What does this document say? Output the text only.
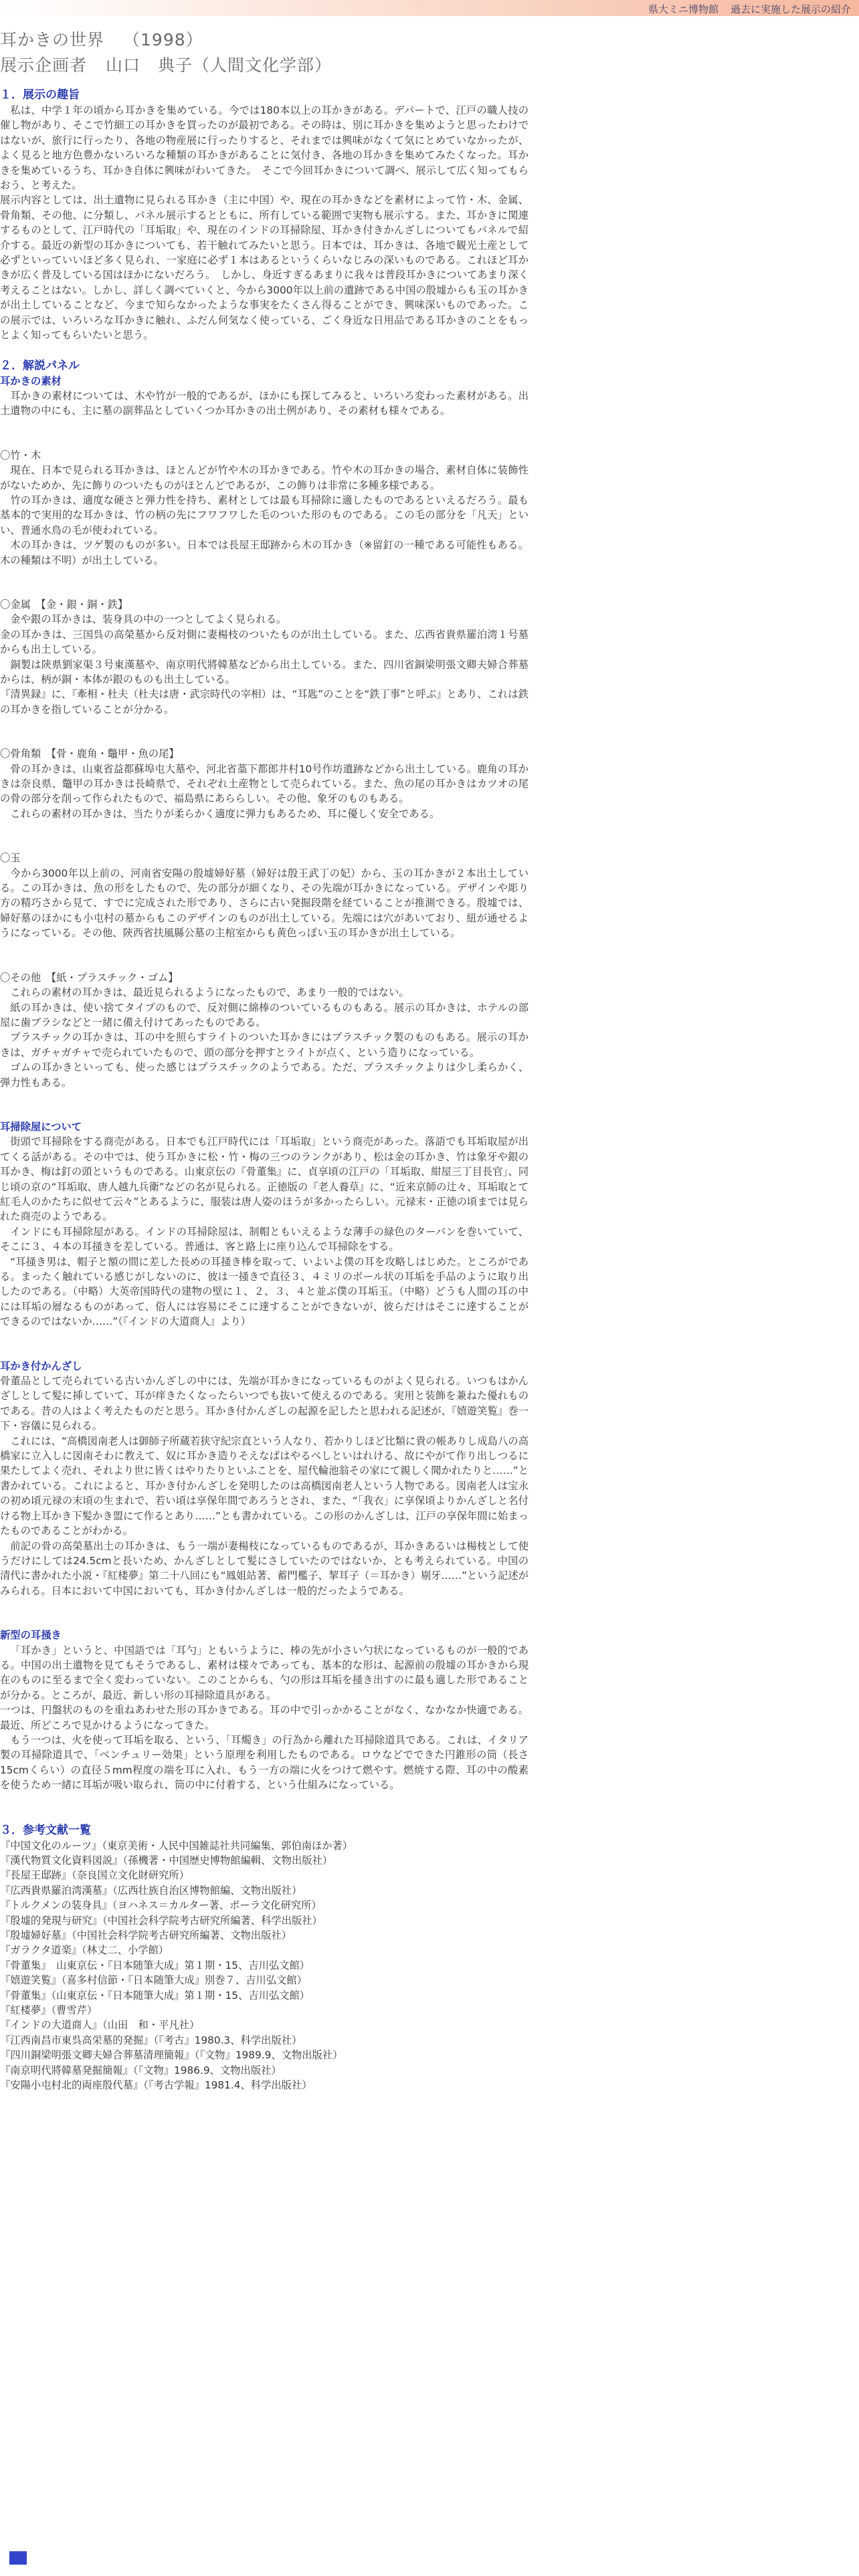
県大ミニ博物館 過去に実施した展示の紹介
耳かきの世界 （1998）
展示企画者 山口　典子（人間文化学部）
１．展示の趣旨

私は、中学１年の頃から耳かきを集めている。今では180本以上の耳かきがある。デパートで、江戸の職人技の催し物があり、そこで竹細工の耳かきを買ったのが最初である。その時は、別に耳かきを集めようと思ったわけではないが、旅行に行ったり、各地の物産展に行ったりすると、それまでは興味がなくて気にとめていなかったが、よく見ると地方色豊かないろいろな種類の耳かきがあることに気付き、各地の耳かきを集めてみたくなった。耳かきを集めているうち、耳かき自体に興味がわいてきた。　そこで今回耳かきについて調べ、展示して広く知ってもらおう、と考えた。

展示内容としては、出土遺物に見られる耳かき（主に中国）や、現在の耳かきなどを素材によって竹・木、金属、骨角類、その他、に分類し、パネル展示するとともに、所有している範囲で実物も展示する。また、耳かきに関連するものとして、江戸時代の「耳垢取」や、現在のインドの耳掃除屋、耳かき付きかんざしについてもパネルで紹介する。最近の新型の耳かきについても、若干触れてみたいと思う。日本では、耳かきは、各地で観光土産として必ずといっていいほど多く見られ、一家庭に必ず１本はあるというくらいなじみの深いものである。これほど耳かきが広く普及している国はほかにないだろう。　しかし、身近すぎるあまりに我々は普段耳かきについてあまり深く考えることはない。しかし、詳しく調べていくと、今から3000年以上前の遺跡である中国の殷墟からも玉の耳かきが出土していることなど、今まで知らなかったような事実をたくさん得ることができ、興味深いものであった。この展示では、いろいろな耳かきに触れ、ふだん何気なく使っている、ごく身近な日用品である耳かきのことをもっとよく知ってもらいたいと思う。

２．解説パネル
耳かきの素材

耳かきの素材については、木や竹が一般的であるが、ほかにも探してみると、いろいろ変わった素材がある。出土遺物の中にも、主に墓の副葬品としていくつか耳かきの出土例があり、その素材も様々である。

〇竹・木

現在、日本で見られる耳かきは、ほとんどが竹や木の耳かきである。竹や木の耳かきの場合、素材自体に装飾性がないためか、先に飾りのついたものがほとんどであるが、この飾りは非常に多種多様である。

竹の耳かきは、適度な硬さと弾力性を持ち、素材としては最も耳掃除に適したものであるといえるだろう。最も基本的で実用的な耳かきは、竹の柄の先にフワフワした毛のついた形のものである。この毛の部分を「凡天」といい、普通水鳥の毛が使われている。

木の耳かきは、ツゲ製のものが多い。日本では長屋王邸跡から木の耳かき（※留釘の一種である可能性もある。木の種類は不明）が出土している。

〇金属　【金・銀・銅・鉄】

金や銀の耳かきは、装身具の中の一つとしてよく見られる。

金の耳かきは、三国呉の高榮墓から反対側に妻楊枝のついたものが出土している。また、広西省貴県羅泊湾１号墓からも出土している。

銅製は陝県劉家渠３号東漢墓や、南京明代將韓墓などから出土している。また、四川省銅梁明張文卿夫婦合葬墓からは、柄が銅・本体が銀のものも出土している。

『清異録』に、『牽相・杜夫（杜夫は唐・武宗時代の宰相）は、“耳匙”のことを“鉄丁事”と呼ぶ』とあり、これは鉄の耳かきを指していることが分かる。

〇骨角類　【骨・鹿角・鼈甲・魚の尾】

骨の耳かきは、山東省益都蘇埠屯大墓や、河北省藁下都郎井村10号作坊遺跡などから出土している。鹿角の耳かきは奈良県、鼈甲の耳かきは長崎県で、それぞれ土産物として売られている。また、魚の尾の耳かきはカツオの尾の骨の部分を削って作られたもので、福島県にあららしい。その他、象牙のものもある。

これらの素材の耳かきは、当たりが柔らかく適度に弾力もあるため、耳に優しく安全である。

〇玉

今から3000年以上前の、河南省安陽の殷墟婦好墓（婦好は殷王武丁の妃）から、玉の耳かきが２本出土している。この耳かきは、魚の形をしたもので、先の部分が細くなり、その先端が耳かきになっている。デザインや彫り方の精巧さから見て、すでに完成された形であり、さらに古い発掘段階を経ていることが推測できる。殷墟では、婦好墓のほかにも小屯村の墓からもこのデザインのものが出土している。先端には穴があいており、紐が通せるようになっている。その他、陝西省扶風縣公墓の主棺室からも黄色っぽい玉の耳かきが出土している。

〇その他　【紙・プラスチック・ゴム】

これらの素材の耳かきは、最近見られるようになったもので、あまり一般的ではない。

紙の耳かきは、使い捨てタイプのもので、反対側に綿棒のついているものもある。展示の耳かきは、ホテルの部屋に歯ブラシなどと一緒に備え付けてあったものである。

プラスチックの耳かきは、耳の中を照らすライトのついた耳かきにはプラスチック製のものもある。展示の耳かきは、ガチャガチャで売られていたもので、頭の部分を押すとライトが点く、という造りになっている。

ゴムの耳かきといっても、使った感じはプラスチックのようである。ただ、プラスチックよりは少し柔らかく、弾力性もある。

耳掃除屋について

街頭で耳掃除をする商売がある。日本でも江戸時代には「耳垢取」という商売があった。落語でも耳垢取屋が出てくる話がある。その中では、使う耳かきに松・竹・梅の三つのランクがあり、松は金の耳かき、竹は象牙や銀の耳かき、梅は釘の頭というものである。山東京伝の『骨董集』に、貞享頃の江戸の「耳垢取、紺屋三丁目長官」、同じ頃の京の“耳垢取、唐人越九兵衛”などの名が見られる。正徳版の『老人養草』に、“近来京師の辻々、耳垢取とて紅毛人のかたちに似せて云々”とあるように、服装は唐人姿のほうが多かったらしい。元禄末・正徳の頃までは見られた商売のようである。

インドにも耳掃除屋がある。インドの耳掃除屋は、制帽ともいえるような薄手の緑色のターバンを巻いていて、そこに３、４本の耳掻きを差している。普通は、客と路上に座り込んで耳掃除をする。

“耳掻き男は、帽子と額の間に差した長めの耳掻き棒を取って、いよいよ僕の耳を攻略しはじめた。ところがである。まったく触れている感じがしないのに、彼は一掻きで直径３、４ミリのボール状の耳垢を手品のように取り出したのである。（中略）大英帝国時代の建物の壁に１、２、３、４と並ぶ僕の耳垢玉。（中略）どうも人間の耳の中には耳垢の層なるものがあって、俗人には容易にそこに達することができないが、彼らだけはそこに達することができるのではないか……”（『インドの大道商人』より）

耳かき付かんざし

骨董品として売られている古いかんざしの中には、先端が耳かきになっているものがよく見られる。いつもはかんざしとして髪に挿していて、耳が痒きたくなったらいつでも抜いて使えるのである。実用と装飾を兼ねた優れものである。昔の人はよく考えたものだと思う。耳かき付かんざしの起源を記したと思われる記述が、『嬉遊笑覧』巻一下・容儀に見られる。

これには、“高橋図南老人は御師子所蔵若狭守紀宗直という人なり、若かりしほど比類に貴の帳ありし成島八の高橋家に立入しに図南そわに教えて、奴に耳かき造りそえなばはやるべしといはれける、故にやがて作り出しつるに果たしてよく売れ、それより世に皆くはやりたりといふことを、屋代輪池翁その家にて親しく聞かれたりと……”と書かれている。これによると、耳かき付かんざしを発明したのは高橋図南老人という人物である。図南老人は宝永の初め頃元禄の末頃の生まれで、若い頃は享保年間であろうとされ、また、“「我衣」に享保頃よりかんざしと名付ける物上耳かき下髪かき盟にて作るとあり……”とも書かれている。この形のかんざしは、江戸の享保年間に始まったものであることがわかる。

前記の骨の高榮墓出土の耳かきは、もう一端が妻楊枝になっているものであるが、耳かきあるいは楊枝として使うだけにしては24.5cmと長いため、かんざしとして髪にさしていたのではないか、とも考えられている。中国の清代に書かれた小説・『紅楼夢』第二十八回にも“鳳姐站著、蓄門檻子、挈耳子（＝耳かき）剔牙……”という記述がみられる。日本において中国においても、耳かき付かんざしは一般的だったようである。

新型の耳掻き

「耳かき」というと、中国語では「耳勺」ともいうように、棒の先が小さい勺状になっているものが一般的である。中国の出土遺物を見てもそうであるし、素材は様々であっても、基本的な形は、起源前の殷墟の耳かきから現在のものに至るまで全く変わっていない。このことからも、勺の形は耳垢を掻き出すのに最も適した形であることが分かる。ところが、最近、新しい形の耳掃除道具がある。

一つは、円盤状のものを重ねあわせた形の耳かきである。耳の中で引っかかることがなく、なかなか快適である。最近、所どころで見かけるようになってきた。

もう一つは、火を使って耳垢を取る、という、「耳燭き」の行為から離れた耳掃除道具である。これは、イタリア製の耳掃除道具で、「ベンチュリー効果」という原理を利用したものである。ロウなどでできた円錐形の筒（長さ15cmくらい）の直径５mm程度の端を耳に入れ、もう一方の端に火をつけて燃やす。燃焼する際、耳の中の酸素を使うため一緒に耳垢が吸い取られ、筒の中に付着する、という仕組みになっている。

３．参考文献一覧
『中国文化のルーツ』（東京美術・人民中国雑誌社共同編集、郭伯南ほか著）
『漢代物質文化資料図説』（孫機著・中国歴史博物館編輯、文物出版社）
『長屋王邸跡』（奈良国立文化財研究所）
『広西貴県羅泊湾漢墓』（広西壮族自治区博物館編、文物出版社）
『トルクメンの装身具』（ヨハネス＝カルター著、ポーラ文化研究所）
『殷墟的発現与研究』（中国社会科学院考古研究所編著、科学出版社）
『殷墟婦好墓』（中国社会科学院考古研究所編著、文物出版社）
『ガラクタ道楽』（林丈二、小学館）
『骨董集』　山東京伝・『日本随筆大成』第１期・15、吉川弘文館）
『嬉遊笑覧』（喜多村信節・『日本随筆大成』別巻７、吉川弘文館）
『骨董集』（山東京伝・『日本随筆大成』第１期・15、吉川弘文館）
『紅楼夢』（曹雪芹）
『インドの大道商人』（山田　和・平凡社）
『江西南昌市東呉高栄墓的発掘』（『考古』1980.3、科学出版社）
『四川銅梁明張文卿夫婦合葬墓清理簡報』（『文物』1989.9、文物出版社）
『南京明代將韓墓発掘簡報』（『文物』1986.9、文物出版社）
『安陽小屯村北的両座殷代墓』（『考古学報』1981.4、科学出版社）
